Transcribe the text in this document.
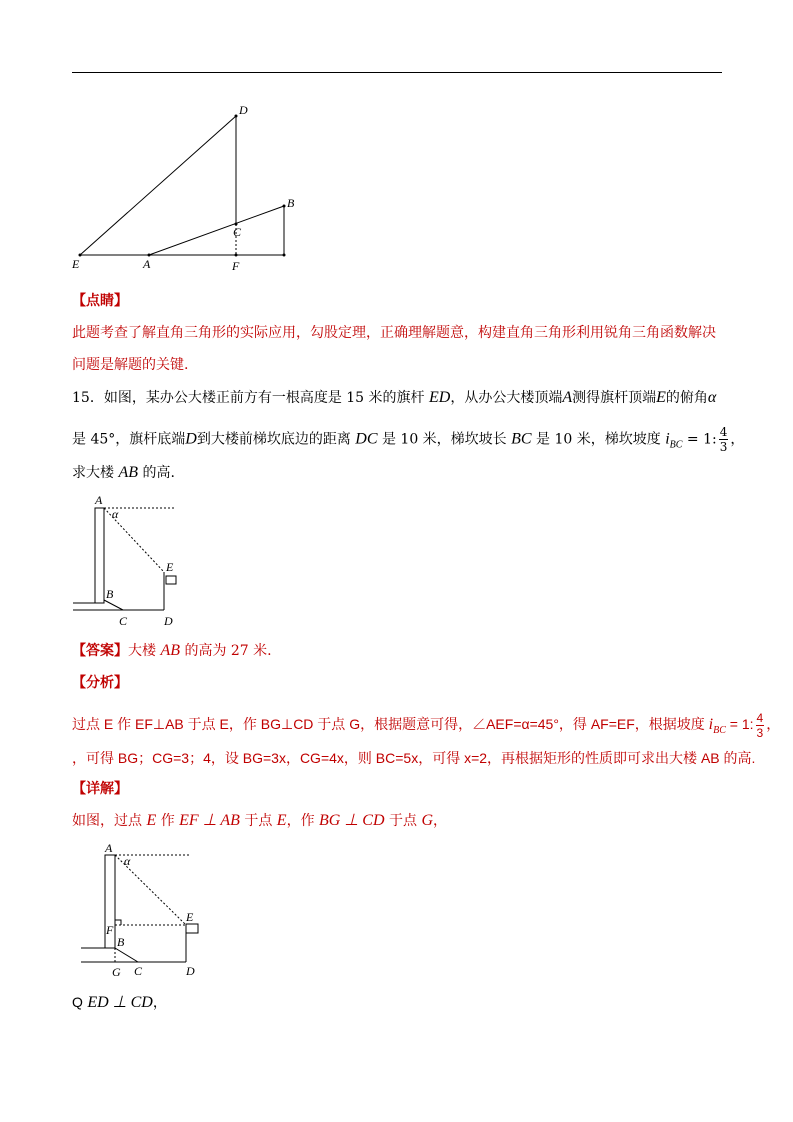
D
B
C
E	A	F
【点睛】
此题考查了解直角三角形的实际应用，勾股定理，正确理解题意，构建直角三角形利用锐角三角函数解决
问题是解题的关键.
15．如图，某办公大楼正前方有一根高度是 15 米的旗杆 ED，从办公大楼顶端A测得旗杆顶端E的俯角α
是 45°，旗杆底端D到大楼前梯坎底边的距离 DC 是 10 米，梯坎坡长 BC 是 10 米，梯坎坡度 $i_{BC} = 1$: $\frac{4}{3}$ ，
求大楼 AB 的高.
A
α
E
B
C	D
【答案】大楼 AB 的高为 27 米.
【分析】
过点 E 作 EF⊥AB 于点 E，作 BG⊥CD 于点 G，根据题意可得，∠AEF=α=45°，得 AF=EF，根据坡度 $i_{BC} = 1$: $\frac{4}{3}$ ，
，可得 BG；CG=3；4，设 BG=3x，CG=4x，则 BC=5x，可得 x=2，再根据矩形的性质即可求出大楼 AB 的高.
【详解】
如图，过点 E 作 EF ⊥ AB 于点 E，作 BG ⊥ CD 于点 G，
A
α
E
F
B
G C	D
Q ED ⊥ CD，
